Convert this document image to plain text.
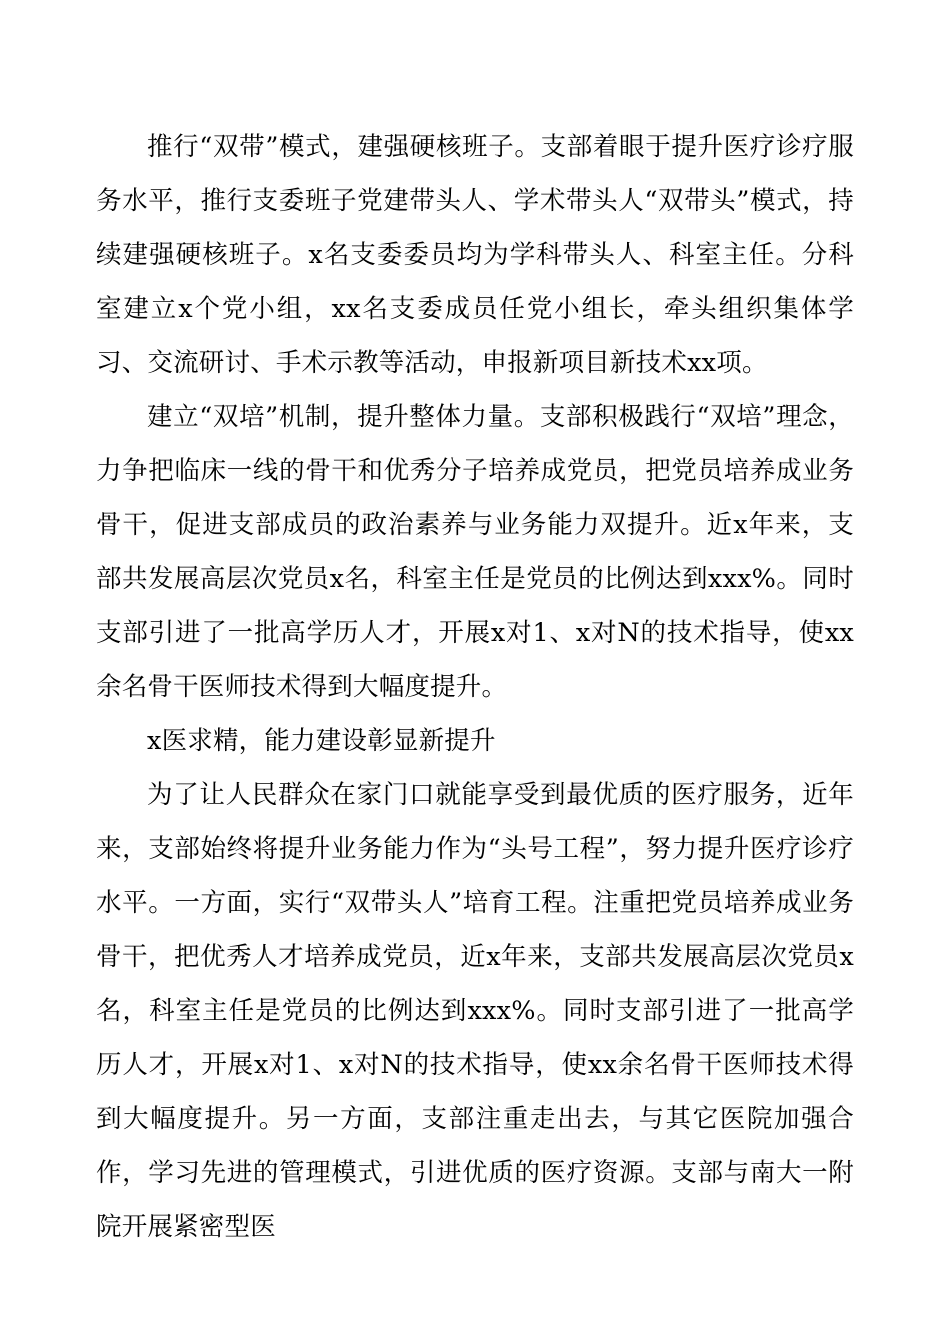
推行“双带”模式，建强硬核班子。支部着眼于提升医疗诊疗服务水平，推行支委班子党建带头人、学术带头人“双带头”模式，持续建强硬核班子。x名支委委员均为学科带头人、科室主任。分科室建立x个党小组，xx名支委成员任党小组长，牵头组织集体学习、交流研讨、手术示教等活动，申报新项目新技术xx项。

建立“双培”机制，提升整体力量。支部积极践行“双培”理念，力争把临床一线的骨干和优秀分子培养成党员，把党员培养成业务骨干，促进支部成员的政治素养与业务能力双提升。近x年来，支部共发展高层次党员x名，科室主任是党员的比例达到xxx%。同时支部引进了一批高学历人才，开展x对1、x对N的技术指导，使xx余名骨干医师技术得到大幅度提升。

x医求精，能力建设彰显新提升

为了让人民群众在家门口就能享受到最优质的医疗服务，近年来，支部始终将提升业务能力作为“头号工程”，努力提升医疗诊疗水平。一方面，实行“双带头人”培育工程。注重把党员培养成业务骨干，把优秀人才培养成党员，近x年来，支部共发展高层次党员x名，科室主任是党员的比例达到xxx%。同时支部引进了一批高学历人才，开展x对1、x对N的技术指导，使xx余名骨干医师技术得到大幅度提升。另一方面，支部注重走出去，与其它医院加强合作，学习先进的管理模式，引进优质的医疗资源。支部与南大一附院开展紧密型医
